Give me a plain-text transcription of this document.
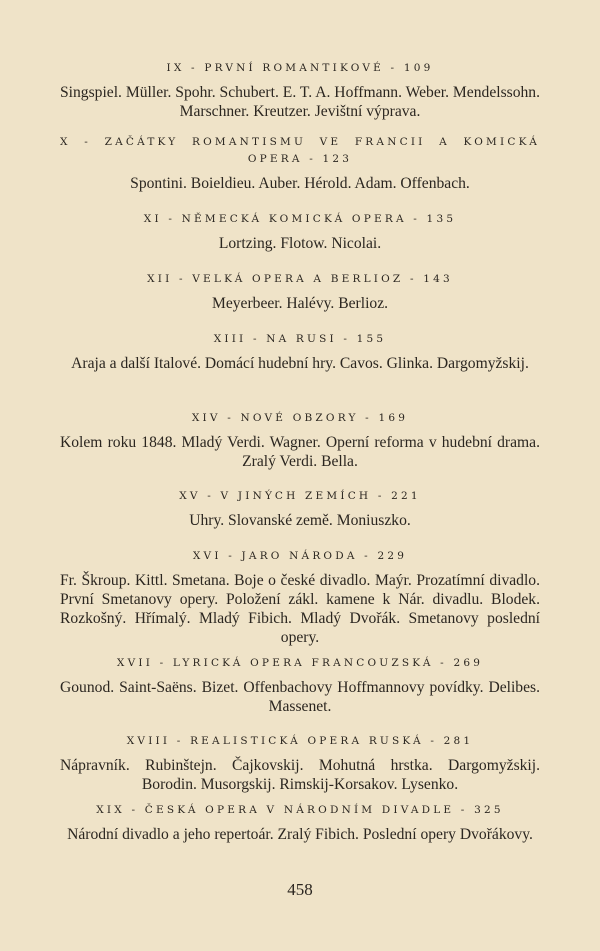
IX - PRVNÍ ROMANTIKOVÉ - 109
Singspiel. Müller. Spohr. Schubert. E. T. A. Hoffmann. Weber. Mendelssohn. Marschner. Kreutzer. Jevištní výprava.
X - ZAČÁTKY ROMANTISMU VE FRANCII A KOMICKÁ OPERA - 123
Spontini. Boieldieu. Auber. Hérold. Adam. Offenbach.
XI - NĚMECKÁ KOMICKÁ OPERA - 135
Lortzing. Flotow. Nicolai.
XII - VELKÁ OPERA A BERLIOZ - 143
Meyerbeer. Halévy. Berlioz.
XIII - NA RUSI - 155
Araja a další Italové. Domácí hudební hry. Cavos. Glinka. Dargomyžskij.
XIV - NOVÉ OBZORY - 169
Kolem roku 1848. Mladý Verdi. Wagner. Operní reforma v hudební drama. Zralý Verdi. Bella.
XV - V JINÝCH ZEMÍCH - 221
Uhry. Slovanské země. Moniuszko.
XVI - JARO NÁRODA - 229
Fr. Škroup. Kittl. Smetana. Boje o české divadlo. Maýr. Prozatímní divadlo. První Smetanovy opery. Položení zákl. kamene k Nár. divadlu. Blodek. Rozkošný. Hřímalý. Mladý Fibich. Mladý Dvořák. Smetanovy poslední opery.
XVII - LYRICKÁ OPERA FRANCOUZSKÁ - 269
Gounod. Saint-Saëns. Bizet. Offenbachovy Hoffmannovy povídky. Delibes. Massenet.
XVIII - REALISTICKÁ OPERA RUSKÁ - 281
Nápravník. Rubinštejn. Čajkovskij. Mohutná hrstka. Dargomyžskij. Borodin. Musorgskij. Rimskij-Korsakov. Lysenko.
XIX - ČESKÁ OPERA V NÁRODNÍM DIVADLE - 325
Národní divadlo a jeho repertoár. Zralý Fibich. Poslední opery Dvořákovy.
458
